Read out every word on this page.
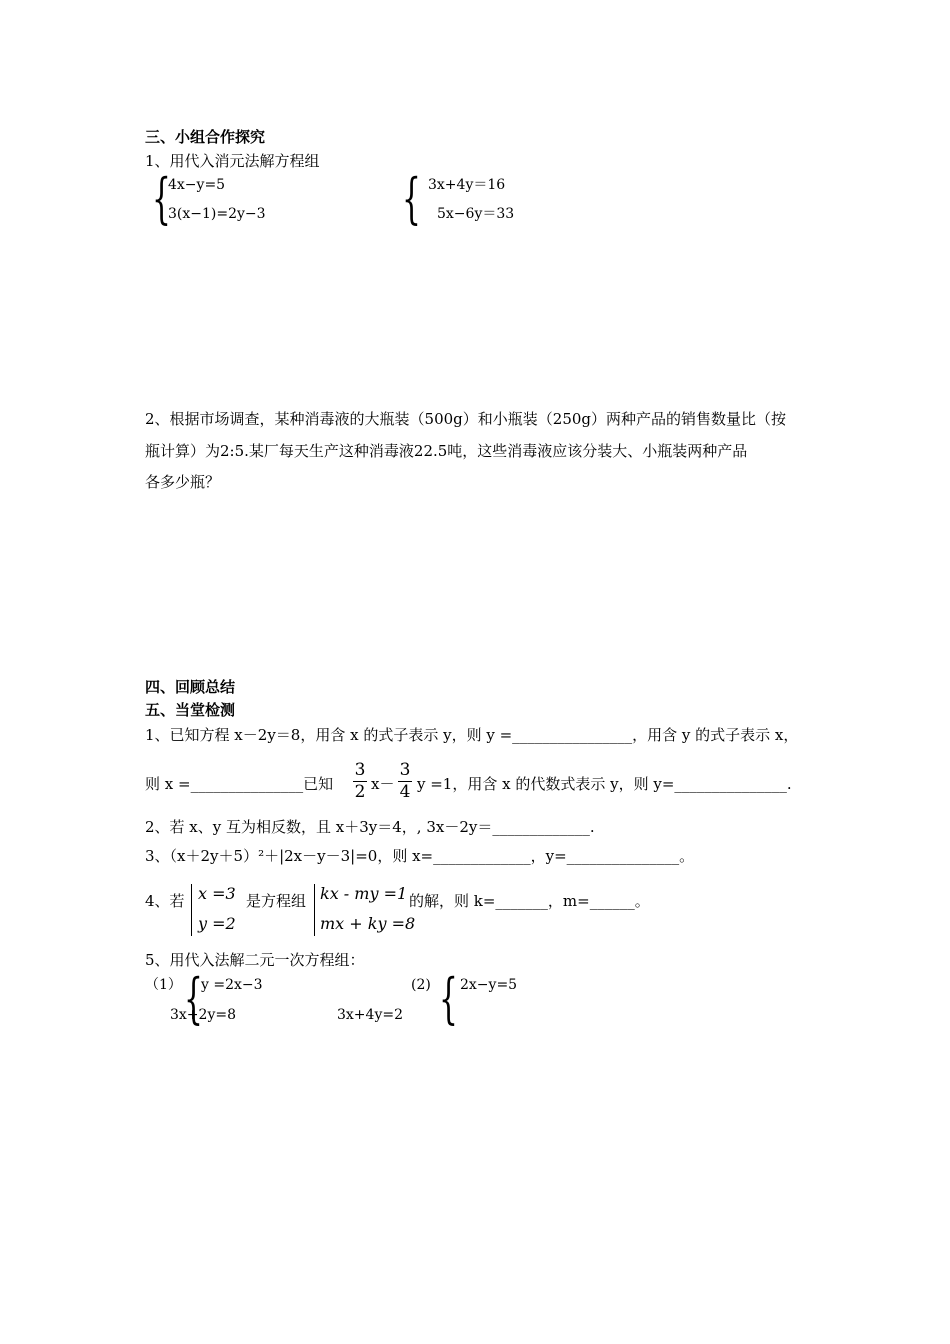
三、小组合作探究
1、用代入消元法解方程组
{
4x−y=5
3(x−1)=2y−3	{ 3x+4y＝16
5x−6y＝33
2、根据市场调查，某种消毒液的大瓶装（500g）和小瓶装（250g）两种产品的销售数量比（按
瓶计算）为2:5.某厂每天生产这种消毒液22.5吨，这些消毒液应该分装大、小瓶装两种产品
各多少瓶？
四、回顾总结
五、当堂检测
1、已知方程 x－2y＝8，用含 x 的式子表示 y，则 y =________________，用含 y 的式子表示 x，
则 x =_______________已知
3
2 x－
3
4 y =1，用含 x 的代数式表示 y，则 y=_______________.
2、若 x、y 互为相反数，且 x＋3y＝4，, 3x－2y＝_____________.
3、（x＋2y＋5）²＋|2x－y－3|=0，则 x=_____________，y=_______________。
4、若 x =3
y =2
是方程组 kx - my =1
mx + ky =8
的解，则 k=_______，m=______。
5、用代入法解二元一次方程组：
（1） {
y =2x−3
3x+2y=8	3x+4y=2
(2) { 2x−y=5
